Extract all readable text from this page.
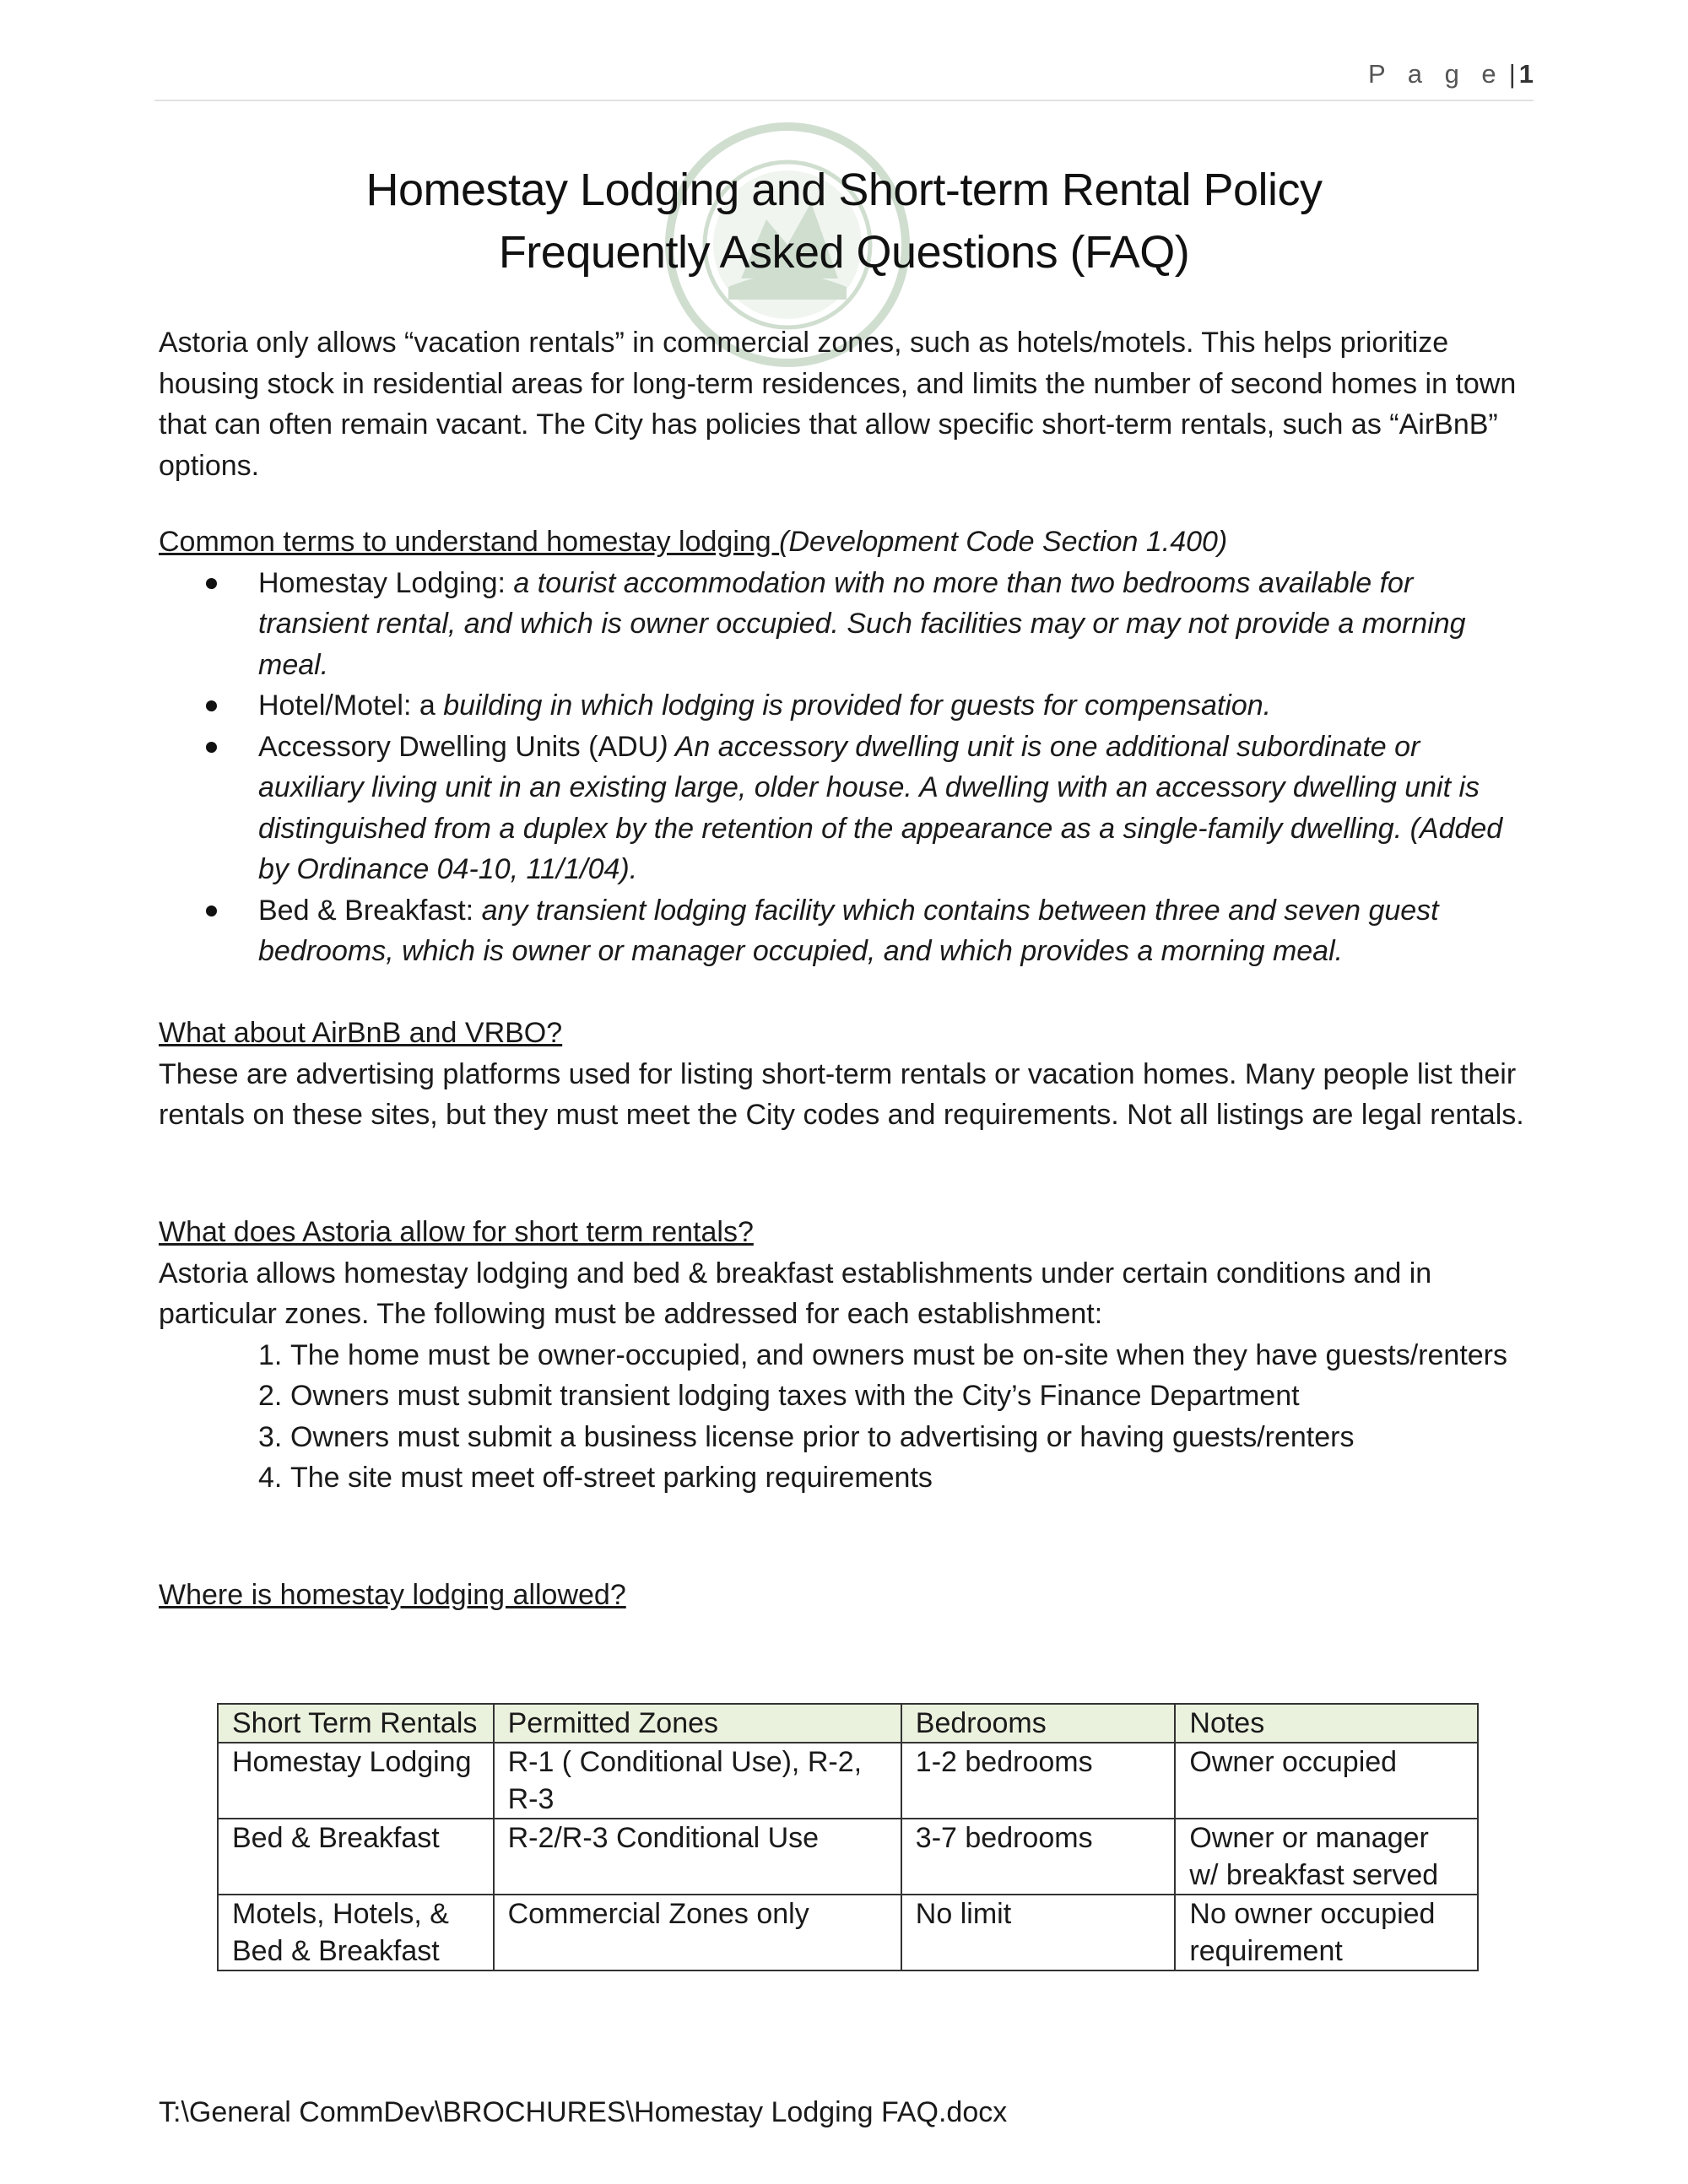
P a g e | 1
Homestay Lodging and Short-term Rental Policy
Frequently Asked Questions (FAQ)

Astoria only allows “vacation rentals” in commercial zones, such as hotels/motels. This helps prioritize housing stock in residential areas for long-term residences, and limits the number of second homes in town that can often remain vacant. The City has policies that allow specific short-term rentals, such as “AirBnB” options.

Common terms to understand homestay lodging (Development Code Section 1.400)

Homestay Lodging: a tourist accommodation with no more than two bedrooms available for transient rental, and which is owner occupied. Such facilities may or may not provide a morning meal.
Hotel/Motel: a building in which lodging is provided for guests for compensation.
Accessory Dwelling Units (ADU) An accessory dwelling unit is one additional subordinate or auxiliary living unit in an existing large, older house. A dwelling with an accessory dwelling unit is distinguished from a duplex by the retention of the appearance as a single-family dwelling. (Added by Ordinance 04-10, 11/1/04).
Bed & Breakfast: any transient lodging facility which contains between three and seven guest bedrooms, which is owner or manager occupied, and which provides a morning meal.

What about AirBnB and VRBO?

These are advertising platforms used for listing short-term rentals or vacation homes. Many people list their rentals on these sites, but they must meet the City codes and requirements. Not all listings are legal rentals.

What does Astoria allow for short term rentals?

Astoria allows homestay lodging and bed & breakfast establishments under certain conditions and in particular zones. The following must be addressed for each establishment:

1. The home must be owner-occupied, and owners must be on-site when they have guests/renters
2. Owners must submit transient lodging taxes with the City’s Finance Department
3. Owners must submit a business license prior to advertising or having guests/renters
4. The site must meet off-street parking requirements

Where is homestay lodging allowed?

Short Term Rentals	Permitted Zones	Bedrooms	Notes
Homestay Lodging	R-1 ( Conditional Use), R-2, R-3	1-2 bedrooms	Owner occupied
Bed & Breakfast	R-2/R-3 Conditional Use	3-7 bedrooms	Owner or manager w/ breakfast served
Motels, Hotels, & Bed & Breakfast	Commercial Zones only	No limit	No owner occupied requirement
T:\General CommDev\BROCHURES\Homestay Lodging FAQ.docx
